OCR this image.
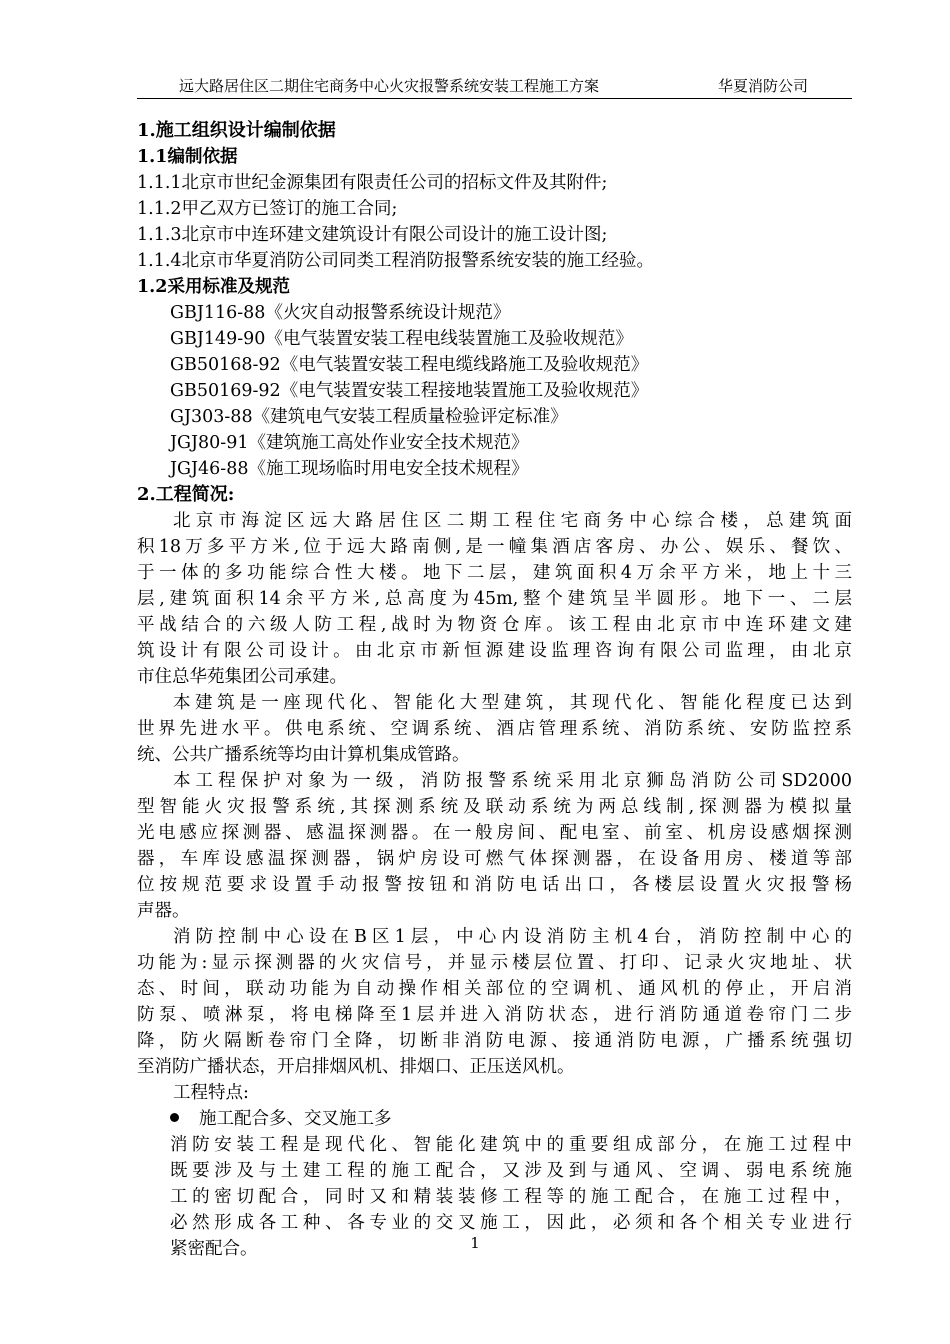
远大路居住区二期住宅商务中心火灾报警系统安装工程施工方案	华夏消防公司
1.施工组织设计编制依据
1.1编制依据
1.1.1北京市世纪金源集团有限责任公司的招标文件及其附件;
1.1.2甲乙双方已签订的施工合同;
1.1.3北京市中连环建文建筑设计有限公司设计的施工设计图;
1.1.4北京市华夏消防公司同类工程消防报警系统安装的施工经验。
1.2采用标准及规范
GBJ116-88《火灾自动报警系统设计规范》
GBJ149-90《电气装置安装工程电线装置施工及验收规范》
GB50168-92《电气装置安装工程电缆线路施工及验收规范》
GB50169-92《电气装置安装工程接地装置施工及验收规范》
GJ303-88《建筑电气安装工程质量检验评定标准》
JGJ80-91《建筑施工高处作业安全技术规范》
JGJ46-88《施工现场临时用电安全技术规程》
2.工程简况:
北京市海淀区远大路居住区二期工程住宅商务中心综合楼，总建筑面
积18万多平方米,位于远大路南侧,是一幢集酒店客房、办公、娱乐、餐饮、
于一体的多功能综合性大楼。地下二层，建筑面积4万余平方米，地上十三
层,建筑面积14余平方米,总高度为45m,整个建筑呈半圆形。地下一、二层
平战结合的六级人防工程,战时为物资仓库。该工程由北京市中连环建文建
筑设计有限公司设计。由北京市新恒源建设监理咨询有限公司监理，由北京
市住总华苑集团公司承建。
本建筑是一座现代化、智能化大型建筑，其现代化、智能化程度已达到
世界先进水平。供电系统、空调系统、酒店管理系统、消防系统、安防监控系
统、公共广播系统等均由计算机集成管路。
本工程保护对象为一级，消防报警系统采用北京狮岛消防公司SD2000
型智能火灾报警系统,其探测系统及联动系统为两总线制,探测器为模拟量
光电感应探测器、感温探测器。在一般房间、配电室、前室、机房设感烟探测
器，车库设感温探测器，锅炉房设可燃气体探测器，在设备用房、楼道等部
位按规范要求设置手动报警按钮和消防电话出口，各楼层设置火灾报警杨
声器。
消防控制中心设在B区1层，中心内设消防主机4台，消防控制中心的
功能为:显示探测器的火灾信号，并显示楼层位置、打印、记录火灾地址、状
态、时间，联动功能为自动操作相关部位的空调机、通风机的停止，开启消
防泵、喷淋泵，将电梯降至1层并进入消防状态，进行消防通道卷帘门二步
降，防火隔断卷帘门全降，切断非消防电源、接通消防电源，广播系统强切
至消防广播状态，开启排烟风机、排烟口、正压送风机。
工程特点:
施工配合多、交叉施工多
消防安装工程是现代化、智能化建筑中的重要组成部分，在施工过程中
既要涉及与土建工程的施工配合，又涉及到与通风、空调、弱电系统施
工的密切配合，同时又和精装装修工程等的施工配合，在施工过程中，
必然形成各工种、各专业的交叉施工，因此，必须和各个相关专业进行
紧密配合。	1
